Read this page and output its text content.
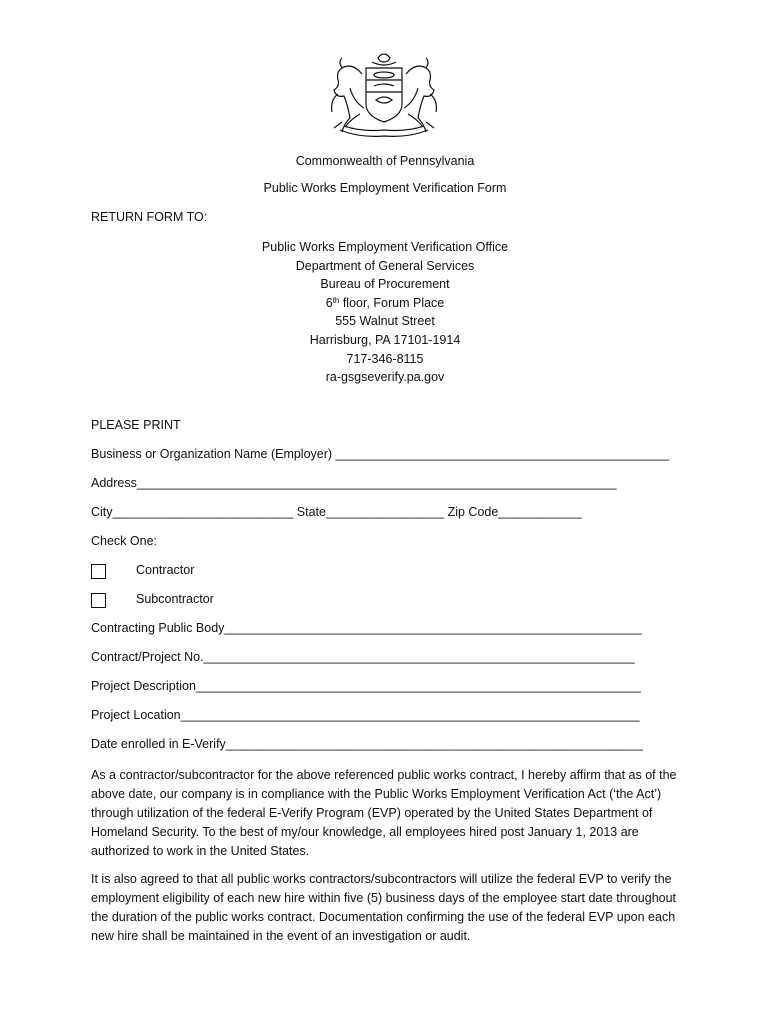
Commonwealth of Pennsylvania
Public Works Employment Verification Form
RETURN FORM TO:
Public Works Employment Verification Office
Department of General Services
Bureau of Procurement
6th floor, Forum Place
555 Walnut Street
Harrisburg, PA 17101-1914
717-346-8115
ra-gsgseverify.pa.gov
PLEASE PRINT
Business or Organization Name (Employer) ________________________________________________
Address_____________________________________________________________________
City__________________________ State_________________ Zip Code____________
Check One:
Contractor
Subcontractor
Contracting Public Body____________________________________________________________
Contract/Project No.______________________________________________________________
Project Description________________________________________________________________
Project Location__________________________________________________________________
Date enrolled in E-Verify____________________________________________________________

As a contractor/subcontractor for the above referenced public works contract, I hereby affirm that as of the above date, our company is in compliance with the Public Works Employment Verification Act (‘the Act’) through utilization of the federal E-Verify Program (EVP) operated by the United States Department of Homeland Security. To the best of my/our knowledge, all employees hired post January 1, 2013 are authorized to work in the United States.

It is also agreed to that all public works contractors/subcontractors will utilize the federal EVP to verify the employment eligibility of each new hire within five (5) business days of the employee start date throughout the duration of the public works contract. Documentation confirming the use of the federal EVP upon each new hire shall be maintained in the event of an investigation or audit.
